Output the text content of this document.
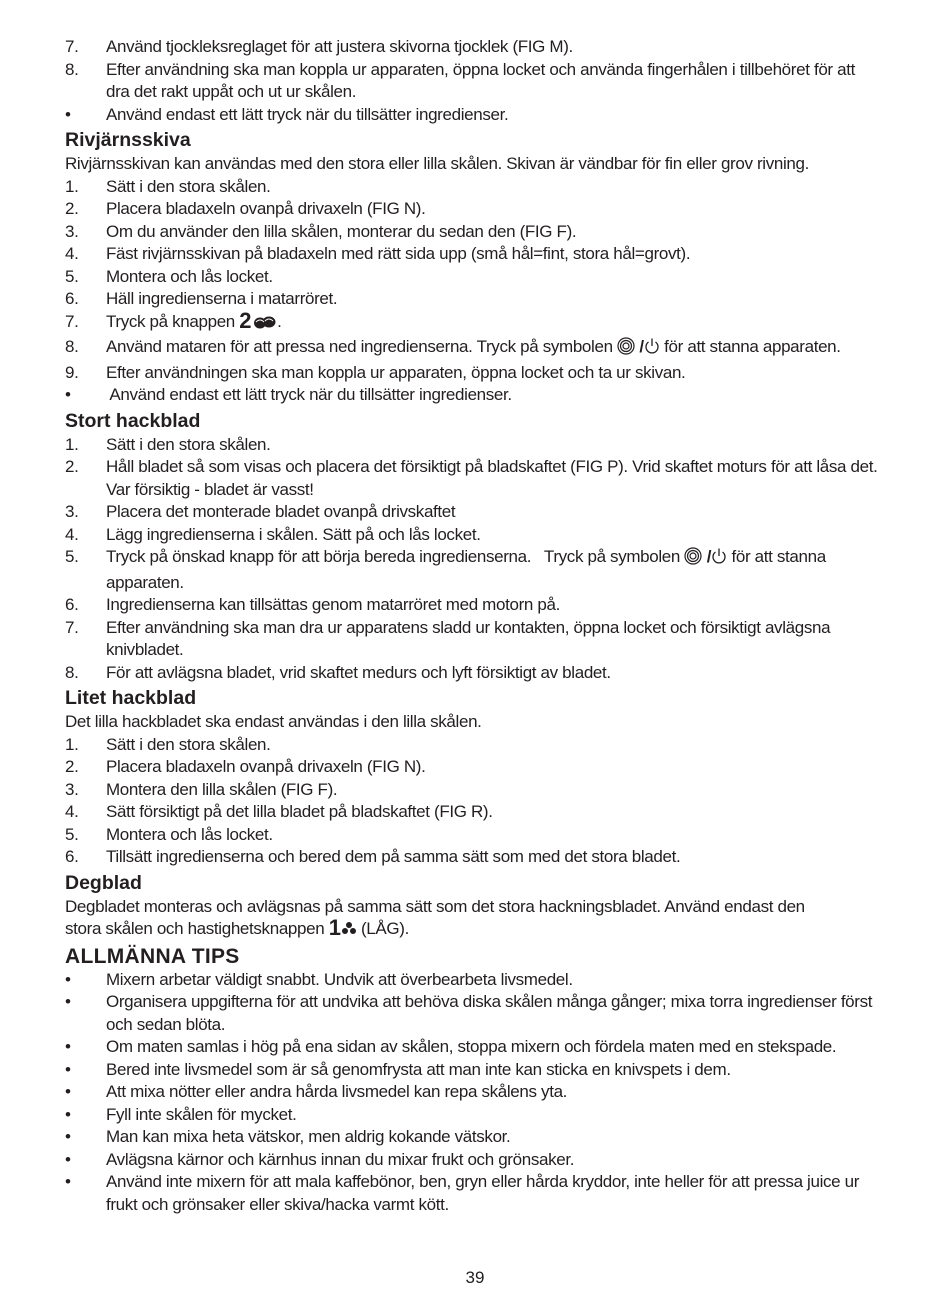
7. Använd tjockleksreglaget för att justera skivorna tjocklek (FIG M).
8. Efter användning ska man koppla ur apparaten, öppna locket och använda fingerhålen i tillbehöret för att dra det rakt uppåt och ut ur skålen.
• Använd endast ett lätt tryck när du tillsätter ingredienser.
Rivjärnsskiva
Rivjärnsskivan kan användas med den stora eller lilla skålen. Skivan är vändbar för fin eller grov rivning.
1. Sätt i den stora skålen.
2. Placera bladaxeln ovanpå drivaxeln (FIG N).
3. Om du använder den lilla skålen, monterar du sedan den (FIG F).
4. Fäst rivjärnsskivan på bladaxeln med rätt sida upp (små hål=fint, stora hål=grovt).
5. Montera och lås locket.
6. Häll ingredienserna i matarröret.
7. Tryck på knappen 2 .
8. Använd mataren för att pressa ned ingredienserna. Tryck på symbolen / för att stanna apparaten.
9. Efter användningen ska man koppla ur apparaten, öppna locket och ta ur skivan.
• Använd endast ett lätt tryck när du tillsätter ingredienser.
Stort hackblad
1. Sätt i den stora skålen.
2. Håll bladet så som visas och placera det försiktigt på bladskaftet (FIG P). Vrid skaftet moturs för att låsa det. Var försiktig - bladet är vasst!
3. Placera det monterade bladet ovanpå drivskaftet
4. Lägg ingredienserna i skålen. Sätt på och lås locket.
5. Tryck på önskad knapp för att börja bereda ingredienserna.   Tryck på symbolen / för att stanna apparaten.
6. Ingredienserna kan tillsättas genom matarröret med motorn på.
7. Efter användning ska man dra ur apparatens sladd ur kontakten, öppna locket och försiktigt avlägsna knivbladet.
8. För att avlägsna bladet, vrid skaftet medurs och lyft försiktigt av bladet.
Litet hackblad
Det lilla hackbladet ska endast användas i den lilla skålen.
1. Sätt i den stora skålen.
2. Placera bladaxeln ovanpå drivaxeln (FIG N).
3. Montera den lilla skålen (FIG F).
4. Sätt försiktigt på det lilla bladet på bladskaftet (FIG R).
5. Montera och lås locket.
6. Tillsätt ingredienserna och bered dem på samma sätt som med det stora bladet.
Degblad
Degbladet monteras och avlägsnas på samma sätt som det stora hackningsbladet. Använd endast den
stora skålen och hastighetsknappen 1 (LÅG).
ALLMÄNNA TIPS
• Mixern arbetar väldigt snabbt. Undvik att överbearbeta livsmedel.
• Organisera uppgifterna för att undvika att behöva diska skålen många gånger; mixa torra ingredienser först och sedan blöta.
• Om maten samlas i hög på ena sidan av skålen, stoppa mixern och fördela maten med en stekspade.
• Bered inte livsmedel som är så genomfrysta att man inte kan sticka en knivspets i dem.
• Att mixa nötter eller andra hårda livsmedel kan repa skålens yta.
• Fyll inte skålen för mycket.
• Man kan mixa heta vätskor, men aldrig kokande vätskor.
• Avlägsna kärnor och kärnhus innan du mixar frukt och grönsaker.
• Använd inte mixern för att mala kaffebönor, ben, gryn eller hårda kryddor, inte heller för att pressa juice ur frukt och grönsaker eller skiva/hacka varmt kött.
39
